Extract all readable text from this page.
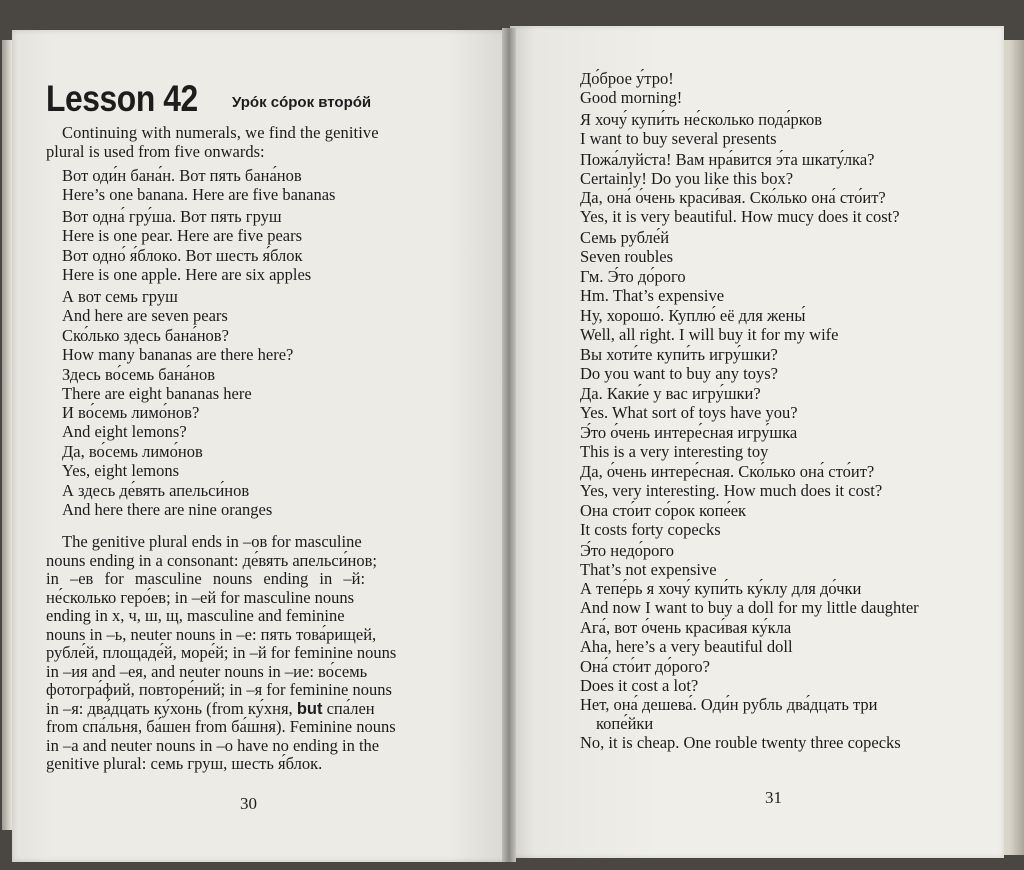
Lesson 42 Урóк сóрок вторóй
Continuing with numerals, we find the genitive
plural is used from five onwards:
Вот оди́н бана́н. Вот пять бана́нов
Here’s one banana. Here are five bananas
Вот одна́ гру́ша. Вот пять груш
Here is one pear. Here are five pears
Вот одно́ я́блоко. Вот шесть я́блок
Here is one apple. Here are six apples
А вот семь груш
And here are seven pears
Ско́лько здесь бана́нов?
How many bananas are there here?
Здесь во́семь бана́нов
There are eight bananas here
И во́семь лимо́нов?
And eight lemons?
Да, во́семь лимо́нов
Yes, eight lemons
А здесь де́вять апельси́нов
And here there are nine oranges
The genitive plural ends in –ов for masculine
nouns ending in a consonant: де́вять апельси́нов;
in –ев for masculine nouns ending in –й:
не́сколько геро́ев; in –ей for masculine nouns
ending in х, ч, ш, щ, masculine and feminine
nouns in –ь, neuter nouns in –е: пять това́рищей,
рубле́й, площаде́й, море́й; in –й for feminine nouns
in –ия and –ея, and neuter nouns in –ие: во́семь
фотогра́фий, повторе́ний; in –я for feminine nouns
in –я: два́дцать ку́хонь (from ку́хня, but спа́лен
from спа́льня, ба́шен from ба́шня). Feminine nouns
in –а and neuter nouns in –о have no ending in the
genitive plural: семь груш, шесть я́блок.
30
До́брое у́тро!
Good morning!
Я хочу́ купи́ть не́сколько пода́рков
I want to buy several presents
Пожа́луйста! Вам нра́вится э́та шкату́лка?
Certainly! Do you like this box?
Да, она́ о́чень краси́вая. Ско́лько она́ сто́ит?
Yes, it is very beautiful. How mucy does it cost?
Семь рубле́й
Seven roubles
Гм. Э́то до́рого
Hm. That’s expensive
Ну, хорошо́. Куплю́ её для жены́
Well, all right. I will buy it for my wife
Вы хоти́те купи́ть игру́шки?
Do you want to buy any toys?
Да. Каки́е у вас игру́шки?
Yes. What sort of toys have you?
Э́то о́чень интере́сная игру́шка
This is a very interesting toy
Да, о́чень интере́сная. Ско́лько она́ сто́ит?
Yes, very interesting. How much does it cost?
Она сто́ит со́рок копе́ек
It costs forty copecks
Э́то недо́рого
That’s not expensive
А тепе́рь я хочу́ купи́ть ку́клу для до́чки
And now I want to buy a doll for my little daughter
Ага́, вот о́чень краси́вая ку́кла
Aha, here’s a very beautiful doll
Она́ сто́ит до́рого?
Does it cost a lot?
Нет, она́ дешева́. Оди́н рубль два́дцать три
копе́йки
No, it is cheap. One rouble twenty three copecks
31
